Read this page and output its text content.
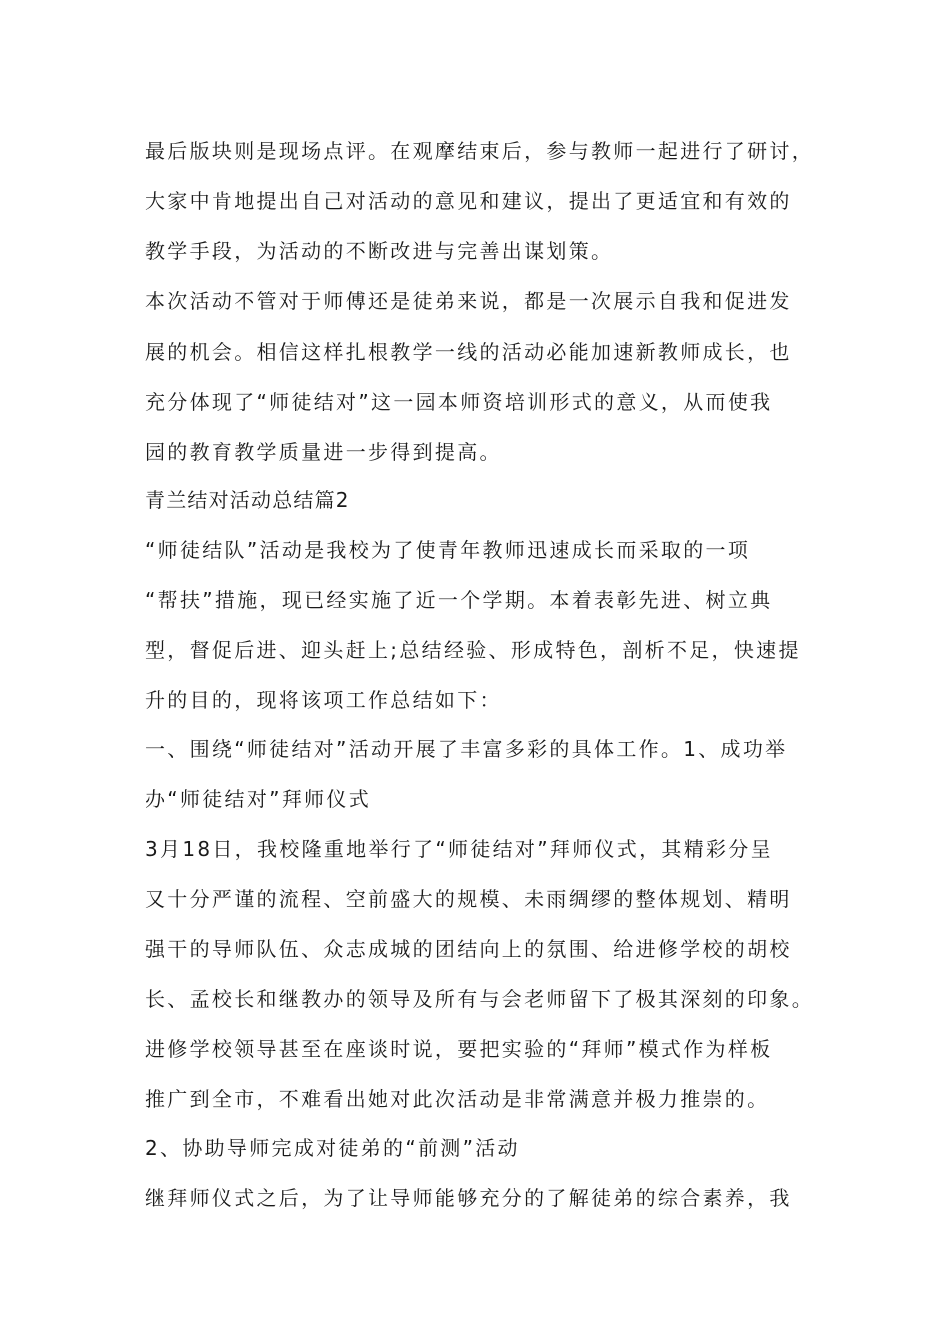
最后版块则是现场点评。在观摩结束后，参与教师一起进行了研讨，
大家中肯地提出自己对活动的意见和建议，提出了更适宜和有效的
教学手段，为活动的不断改进与完善出谋划策。
本次活动不管对于师傅还是徒弟来说，都是一次展示自我和促进发
展的机会。相信这样扎根教学一线的活动必能加速新教师成长，也
充分体现了“师徒结对”这一园本师资培训形式的意义，从而使我
园的教育教学质量进一步得到提高。
青兰结对活动总结篇2
“师徒结队”活动是我校为了使青年教师迅速成长而采取的一项
“帮扶”措施，现已经实施了近一个学期。本着表彰先进、树立典
型，督促后进、迎头赶上;总结经验、形成特色，剖析不足，快速提
升的目的，现将该项工作总结如下：
一、围绕“师徒结对”活动开展了丰富多彩的具体工作。1、成功举
办“师徒结对”拜师仪式
3月18日，我校隆重地举行了“师徒结对”拜师仪式，其精彩分呈
又十分严谨的流程、空前盛大的规模、未雨绸缪的整体规划、精明
强干的导师队伍、众志成城的团结向上的氛围、给进修学校的胡校
长、孟校长和继教办的领导及所有与会老师留下了极其深刻的印象。
进修学校领导甚至在座谈时说，要把实验的“拜师”模式作为样板
推广到全市，不难看出她对此次活动是非常满意并极力推崇的。
2、协助导师完成对徒弟的“前测”活动
继拜师仪式之后，为了让导师能够充分的了解徒弟的综合素养，我
